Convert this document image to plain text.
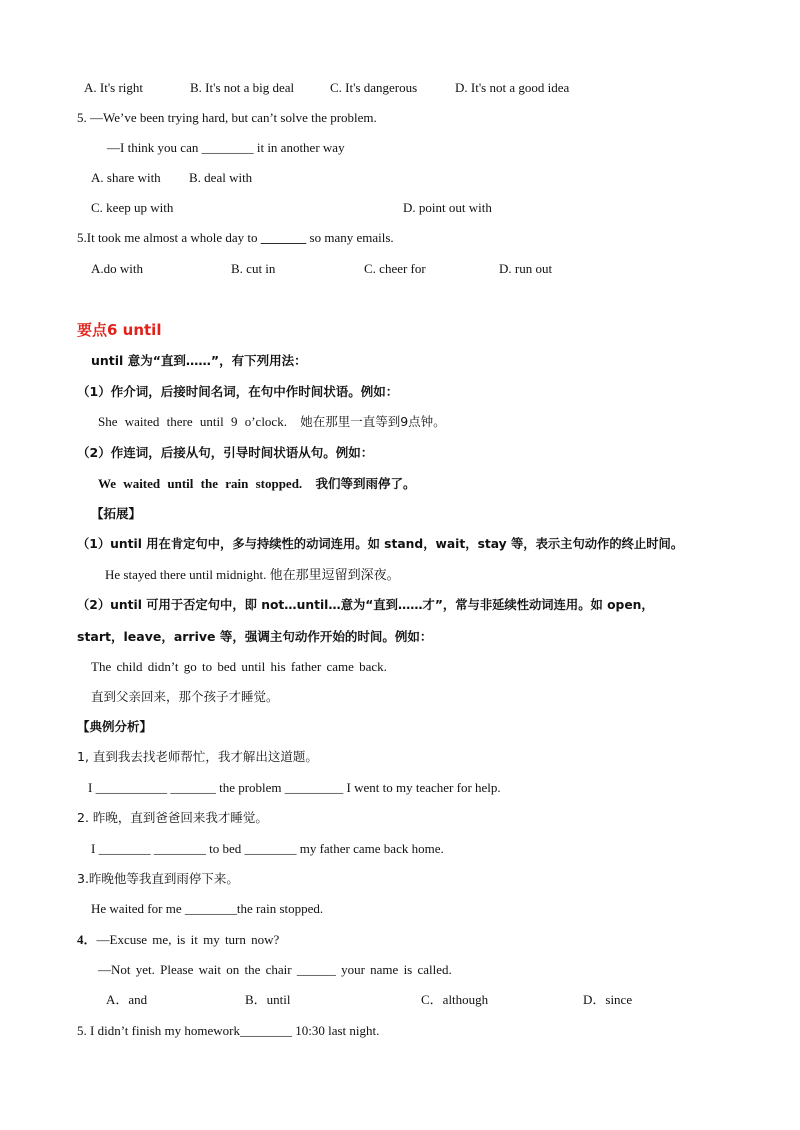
A. It's right	B. It's not a big deal	C. It's dangerous	D. It's not a good idea
5. —We’ve been trying hard, but can’t solve the problem.
—I think you can ________ it in another way
A. share with B. deal with
C. keep up with	D. point out with
5.It took me almost a whole day to _______ so many emails.
A.do with	B. cut in	C. cheer for	D. run out
要点6 until
until 意为“直到……”，有下列用法：
（1）作介词，后接时间名词，在句中作时间状语。例如：
She waited there until 9 o’clock. 她在那里一直等到9点钟。
（2）作连词，后接从句，引导时间状语从句。例如：
We waited until the rain stopped. 我们等到雨停了。
【拓展】
（1）until 用在肯定句中，多与持续性的动词连用。如 stand，wait，stay 等，表示主句动作的终止时间。
He stayed there until midnight. 他在那里逗留到深夜。
（2）until 可用于否定句中，即 not…until…意为“直到……才”，常与非延续性动词连用。如 open，
start，leave，arrive 等，强调主句动作开始的时间。例如：
The child didn’t go to bed until his father came back.
直到父亲回来，那个孩子才睡觉。
【典例分析】
1, 直到我去找老师帮忙，我才解出这道题。
I ___________ _______ the problem _________ I went to my teacher for help.
2. 昨晚，直到爸爸回来我才睡觉。
I ________ ________ to bed ________ my father came back home.
3.昨晚他等我直到雨停下来。
He waited for me ________the rain stopped.
4．—Excuse me, is it my turn now?
—Not yet. Please wait on the chair ______ your name is called.
A．and	B．until	C．although	D．since
5. I didn’t finish my homework________ 10:30 last night.
